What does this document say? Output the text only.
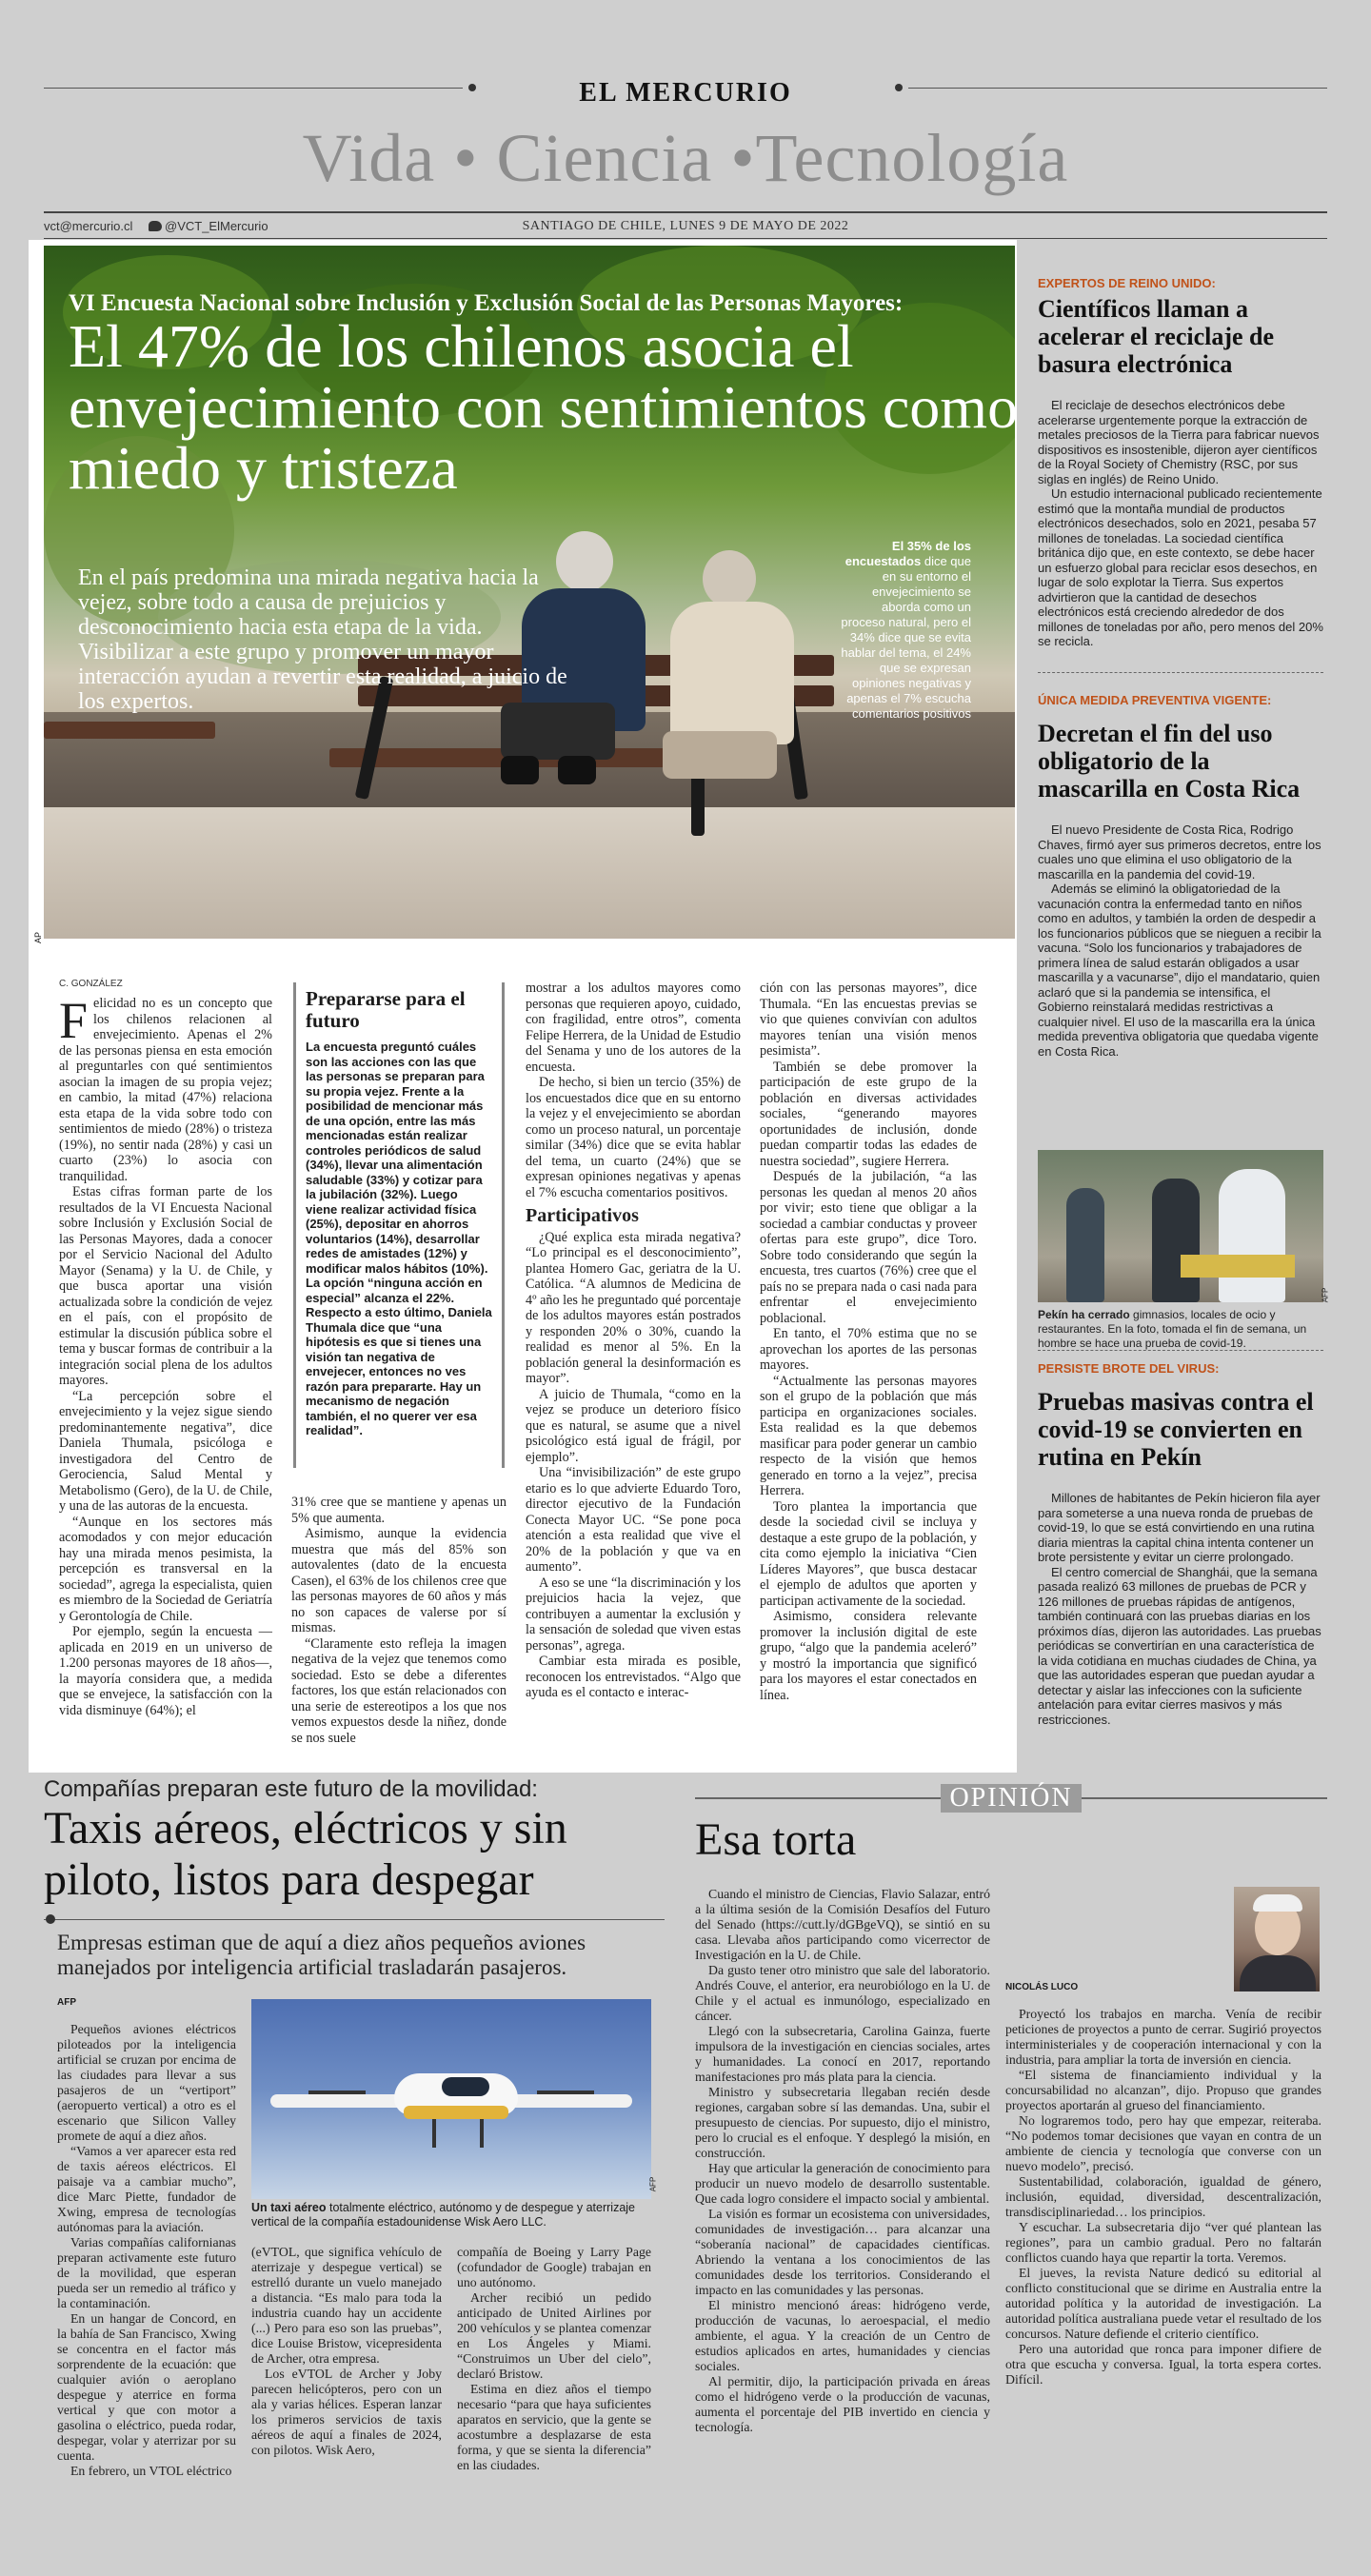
EL MERCURIO
Vida • Ciencia •Tecnología
vct@mercurio.cl	@VCT_ElMercurio	SANTIAGO DE CHILE, LUNES 9 DE MAYO DE 2022
VI Encuesta Nacional sobre Inclusión y Exclusión Social de las Personas Mayores:
El 47% de los chilenos asocia el envejecimiento con sentimientos como miedo y tristeza
En el país predomina una mirada negativa hacia la vejez, sobre todo a causa de prejuicios y desconocimiento hacia esta etapa de la vida. Visibilizar a este grupo y promover un mayor interacción ayudan a revertir esta realidad, a juicio de los expertos.
El 35% de los encuestados dice que en su entorno el envejecimiento se aborda como un proceso natural, pero el 34% dice que se evita hablar del tema, el 24% que se expresan opiniones negativas y apenas el 7% escucha comentarios positivos
AP
C. GONZÁLEZ

Felicidad no es un concepto que los chilenos relacionen al envejecimiento. Apenas el 2% de las personas piensa en esta emoción al preguntarles con qué sentimientos asocian la imagen de su propia vejez; en cambio, la mitad (47%) relaciona esta etapa de la vida sobre todo con sentimientos de miedo (28%) o tristeza (19%), no sentir nada (28%) y casi un cuarto (23%) lo asocia con tranquilidad.

Estas cifras forman parte de los resultados de la VI Encuesta Nacional sobre Inclusión y Exclusión Social de las Personas Mayores, dada a conocer por el Servicio Nacional del Adulto Mayor (Senama) y la U. de Chile, y que busca aportar una visión actualizada sobre la condición de vejez en el país, con el propósito de estimular la discusión pública sobre el tema y buscar formas de contribuir a la integración social plena de los adultos mayores.

“La percepción sobre el envejecimiento y la vejez sigue siendo predominantemente negativa”, dice Daniela Thumala, psicóloga e investigadora del Centro de Gerociencia, Salud Mental y Metabolismo (Gero), de la U. de Chile, y una de las autoras de la encuesta.

“Aunque en los sectores más acomodados y con mejor educación hay una mirada menos pesimista, la percepción es transversal en la sociedad”, agrega la especialista, quien es miembro de la Sociedad de Geriatría y Gerontología de Chile.

Por ejemplo, según la encuesta —aplicada en 2019 en un universo de 1.200 personas mayores de 18 años—, la mayoría considera que, a medida que se envejece, la satisfacción con la vida disminuye (64%); el

Prepararse para el futuro

La encuesta preguntó cuáles son las acciones con las que las personas se preparan para su propia vejez. Frente a la posibilidad de mencionar más de una opción, entre las más mencionadas están realizar controles periódicos de salud (34%), llevar una alimentación saludable (33%) y cotizar para la jubilación (32%). Luego viene realizar actividad física (25%), depositar en ahorros voluntarios (14%), desarrollar redes de amistades (12%) y modificar malos hábitos (10%). La opción “ninguna acción en especial” alcanza el 22%. Respecto a esto último, Daniela Thumala dice que “una hipótesis es que si tienes una visión tan negativa de envejecer, entonces no ves razón para prepararte. Hay un mecanismo de negación también, el no querer ver esa realidad”.

31% cree que se mantiene y apenas un 5% que aumenta.

Asimismo, aunque la evidencia muestra que más del 85% son autovalentes (dato de la encuesta Casen), el 63% de los chilenos cree que las personas mayores de 60 años y más no son capaces de valerse por sí mismas.

“Claramente esto refleja la imagen negativa de la vejez que tenemos como sociedad. Esto se debe a diferentes factores, los que están relacionados con una serie de estereotipos a los que nos vemos expuestos desde la niñez, donde se nos suele

mostrar a los adultos mayores como personas que requieren apoyo, cuidado, con fragilidad, entre otros”, comenta Felipe Herrera, de la Unidad de Estudio del Senama y uno de los autores de la encuesta.

De hecho, si bien un tercio (35%) de los encuestados dice que en su entorno la vejez y el envejecimiento se abordan como un proceso natural, un porcentaje similar (34%) dice que se evita hablar del tema, un cuarto (24%) que se expresan opiniones negativas y apenas el 7% escucha comentarios positivos.

Participativos

¿Qué explica esta mirada negativa? “Lo principal es el desconocimiento”, plantea Homero Gac, geriatra de la U. Católica. “A alumnos de Medicina de 4º año les he preguntado qué porcentaje de los adultos mayores están postrados y responden 20% o 30%, cuando la realidad es menor al 5%. En la población general la desinformación es mayor”.

A juicio de Thumala, “como en la vejez se produce un deterioro físico que es natural, se asume que a nivel psicológico está igual de frágil, por ejemplo”.

Una “invisibilización” de este grupo etario es lo que advierte Eduardo Toro, director ejecutivo de la Fundación Conecta Mayor UC. “Se pone poca atención a esta realidad que vive el 20% de la población y que va en aumento”.

A eso se une “la discriminación y los prejuicios hacia la vejez, que contribuyen a aumentar la exclusión y la sensación de soledad que viven estas personas”, agrega.

Cambiar esta mirada es posible, reconocen los entrevistados. “Algo que ayuda es el contacto e interac-

ción con las personas mayores”, dice Thumala. “En las encuestas previas se vio que quienes convivían con adultos mayores tenían una visión menos pesimista”.

También se debe promover la participación de este grupo de la población en diversas actividades sociales, “generando mayores oportunidades de inclusión, donde puedan compartir todas las edades de nuestra sociedad”, sugiere Herrera.

Después de la jubilación, “a las personas les quedan al menos 20 años por vivir; esto tiene que obligar a la sociedad a cambiar conductas y proveer ofertas para este grupo”, dice Toro. Sobre todo considerando que según la encuesta, tres cuartos (76%) cree que el país no se prepara nada o casi nada para enfrentar el envejecimiento poblacional.

En tanto, el 70% estima que no se aprovechan los aportes de las personas mayores.

“Actualmente las personas mayores son el grupo de la población que más participa en organizaciones sociales. Esta realidad es la que debemos masificar para poder generar un cambio respecto de la visión que hemos generado en torno a la vejez”, precisa Herrera.

Toro plantea la importancia que desde la sociedad civil se incluya y destaque a este grupo de la población, y cita como ejemplo la iniciativa “Cien Líderes Mayores”, que busca destacar el ejemplo de adultos que aporten y participan activamente de la sociedad.

Asimismo, considera relevante promover la inclusión digital de este grupo, “algo que la pandemia aceleró” y mostró la importancia que significó para los mayores el estar conectados en línea.

EXPERTOS DE REINO UNIDO:
Científicos llaman a acelerar el reciclaje de basura electrónica

El reciclaje de desechos electrónicos debe acelerarse urgentemente porque la extracción de metales preciosos de la Tierra para fabricar nuevos dispositivos es insostenible, dijeron ayer científicos de la Royal Society of Chemistry (RSC, por sus siglas en inglés) de Reino Unido.

Un estudio internacional publicado recientemente estimó que la montaña mundial de productos electrónicos desechados, solo en 2021, pesaba 57 millones de toneladas. La sociedad científica británica dijo que, en este contexto, se debe hacer un esfuerzo global para reciclar esos desechos, en lugar de solo explotar la Tierra. Sus expertos advirtieron que la cantidad de desechos electrónicos está creciendo alrededor de dos millones de toneladas por año, pero menos del 20% se recicla.

ÚNICA MEDIDA PREVENTIVA VIGENTE:
Decretan el fin del uso obligatorio de la mascarilla en Costa Rica

El nuevo Presidente de Costa Rica, Rodrigo Chaves, firmó ayer sus primeros decretos, entre los cuales uno que elimina el uso obligatorio de la mascarilla en la pandemia del covid-19.

Además se eliminó la obligatoriedad de la vacunación contra la enfermedad tanto en niños como en adultos, y también la orden de despedir a los funcionarios públicos que se nieguen a recibir la vacuna. “Solo los funcionarios y trabajadores de primera línea de salud estarán obligados a usar mascarilla y a vacunarse”, dijo el mandatario, quien aclaró que si la pandemia se intensifica, el Gobierno reinstalará medidas restrictivas a cualquier nivel. El uso de la mascarilla era la única medida preventiva obligatoria que quedaba vigente en Costa Rica.

Pekín ha cerrado gimnasios, locales de ocio y restaurantes. En la foto, tomada el fin de semana, un hombre se hace una prueba de covid-19.
AFP
PERSISTE BROTE DEL VIRUS:
Pruebas masivas contra el covid-19 se convierten en rutina en Pekín

Millones de habitantes de Pekín hicieron fila ayer para someterse a una nueva ronda de pruebas de covid-19, lo que se está convirtiendo en una rutina diaria mientras la capital china intenta contener un brote persistente y evitar un cierre prolongado.

El centro comercial de Shanghái, que la semana pasada realizó 63 millones de pruebas de PCR y 126 millones de pruebas rápidas de antígenos, también continuará con las pruebas diarias en los próximos días, dijeron las autoridades. Las pruebas periódicas se convertirían en una característica de la vida cotidiana en muchas ciudades de China, ya que las autoridades esperan que puedan ayudar a detectar y aislar las infecciones con la suficiente antelación para evitar cierres masivos y más restricciones.

Compañías preparan este futuro de la movilidad:
Taxis aéreos, eléctricos y sin piloto, listos para despegar
Empresas estiman que de aquí a diez años pequeños aviones manejados por inteligencia artificial trasladarán pasajeros.
AFP

Pequeños aviones eléctricos piloteados por la inteligencia artificial se cruzan por encima de las ciudades para llevar a sus pasajeros de un “vertiport” (aeropuerto vertical) a otro es el escenario que Silicon Valley promete de aquí a diez años.

“Vamos a ver aparecer esta red de taxis aéreos eléctricos. El paisaje va a cambiar mucho”, dice Marc Piette, fundador de Xwing, empresa de tecnologías autónomas para la aviación.

Varias compañías californianas preparan activamente este futuro de la movilidad, que esperan pueda ser un remedio al tráfico y la contaminación.

En un hangar de Concord, en la bahía de San Francisco, Xwing se concentra en el factor más sorprendente de la ecuación: que cualquier avión o aeroplano despegue y aterrice en forma vertical y que con motor a gasolina o eléctrico, pueda rodar, despegar, volar y aterrizar por su cuenta.

En febrero, un VTOL eléctrico

AFP
Un taxi aéreo totalmente eléctrico, autónomo y de despegue y aterrizaje vertical de la compañía estadounidense Wisk Aero LLC.

(eVTOL, que significa vehículo de aterrizaje y despegue vertical) se estrelló durante un vuelo manejado a distancia. “Es malo para toda la industria cuando hay un accidente (...) Pero para eso son las pruebas”, dice Louise Bristow, vicepresidenta de Archer, otra empresa.

Los eVTOL de Archer y Joby parecen helicópteros, pero con un ala y varias hélices. Esperan lanzar los primeros servicios de taxis aéreos de aquí a finales de 2024, con pilotos. Wisk Aero,

compañía de Boeing y Larry Page (cofundador de Google) trabajan en uno autónomo.

Archer recibió un pedido anticipado de United Airlines por 200 vehículos y se plantea comenzar en Los Ángeles y Miami. “Construimos un Uber del cielo”, declaró Bristow.

Estima en diez años el tiempo necesario “para que haya suficientes aparatos en servicio, que la gente se acostumbre a desplazarse de esta forma, y que se sienta la diferencia” en las ciudades.

OPINIÓN
Esa torta
NICOLÁS LUCO

Cuando el ministro de Ciencias, Flavio Salazar, entró a la última sesión de la Comisión Desafíos del Futuro del Senado (https://cutt.ly/dGBgeVQ), se sintió en su casa. Llevaba años participando como vicerrector de Investigación en la U. de Chile.

Da gusto tener otro ministro que sale del laboratorio. Andrés Couve, el anterior, era neurobiólogo en la U. de Chile y el actual es inmunólogo, especializado en cáncer.

Llegó con la subsecretaria, Carolina Gainza, fuerte impulsora de la investigación en ciencias sociales, artes y humanidades. La conocí en 2017, reportando manifestaciones pro más plata para la ciencia.

Ministro y subsecretaria llegaban recién desde regiones, cargaban sobre sí las demandas. Una, subir el presupuesto de ciencias. Por supuesto, dijo el ministro, pero lo crucial es el enfoque. Y desplegó la misión, en construcción.

Hay que articular la generación de conocimiento para producir un nuevo modelo de desarrollo sustentable. Que cada logro considere el impacto social y ambiental.

La visión es formar un ecosistema con universidades, comunidades de investigación… para alcanzar una “soberanía nacional” de capacidades científicas. Abriendo la ventana a los conocimientos de las comunidades desde los territorios. Considerando el impacto en las comunidades y las personas.

El ministro mencionó áreas: hidrógeno verde, producción de vacunas, lo aeroespacial, el medio ambiente, el agua. Y la creación de un Centro de estudios aplicados en artes, humanidades y ciencias sociales.

Al permitir, dijo, la participación privada en áreas como el hidrógeno verde o la producción de vacunas, aumenta el porcentaje del PIB invertido en ciencia y tecnología.

Proyectó los trabajos en marcha. Venía de recibir peticiones de proyectos a punto de cerrar. Sugirió proyectos interministeriales y de cooperación internacional y con la industria, para ampliar la torta de inversión en ciencia.

“El sistema de financiamiento individual y la concursabilidad no alcanzan”, dijo. Propuso que grandes proyectos aportarán al grueso del financiamiento.

No lograremos todo, pero hay que empezar, reiteraba. “No podemos tomar decisiones que vayan en contra de un ambiente de ciencia y tecnología que converse con un nuevo modelo”, precisó.

Sustentabilidad, colaboración, igualdad de género, inclusión, equidad, diversidad, descentralización, transdisciplinariedad… los principios.

Y escuchar. La subsecretaria dijo “ver qué plantean las regiones”, para un cambio gradual. Pero no faltarán conflictos cuando haya que repartir la torta. Veremos.

El jueves, la revista Nature dedicó su editorial al conflicto constitucional que se dirime en Australia entre la autoridad política y la autoridad de investigación. La autoridad política australiana puede vetar el resultado de los concursos. Nature defiende el criterio científico.

Pero una autoridad que ronca para imponer difiere de otra que escucha y conversa. Igual, la torta espera cortes. Difícil.
